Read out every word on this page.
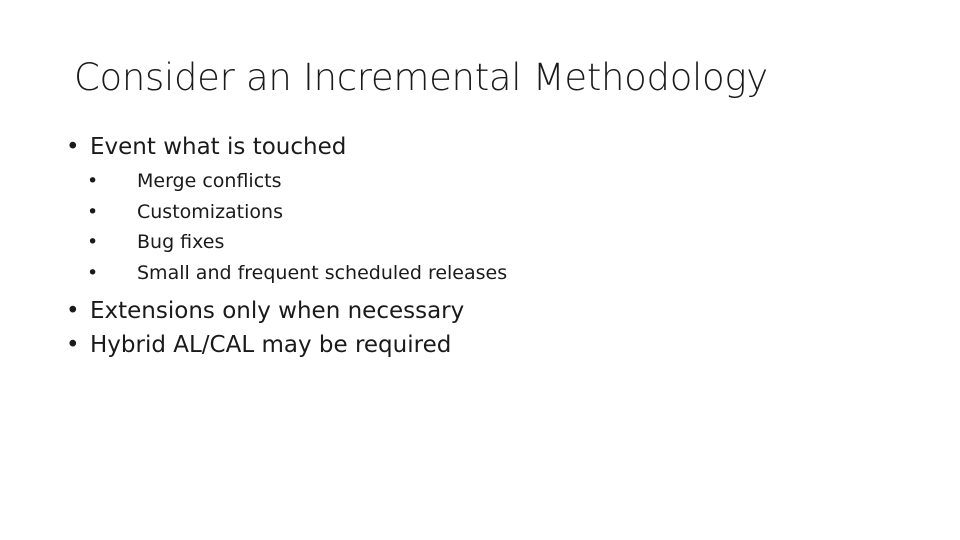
Consider an Incremental Methodology
• Event what is touched
• Merge conflicts
• Customizations
• Bug fixes
• Small and frequent scheduled releases
• Extensions only when necessary
• Hybrid AL/CAL may be required
